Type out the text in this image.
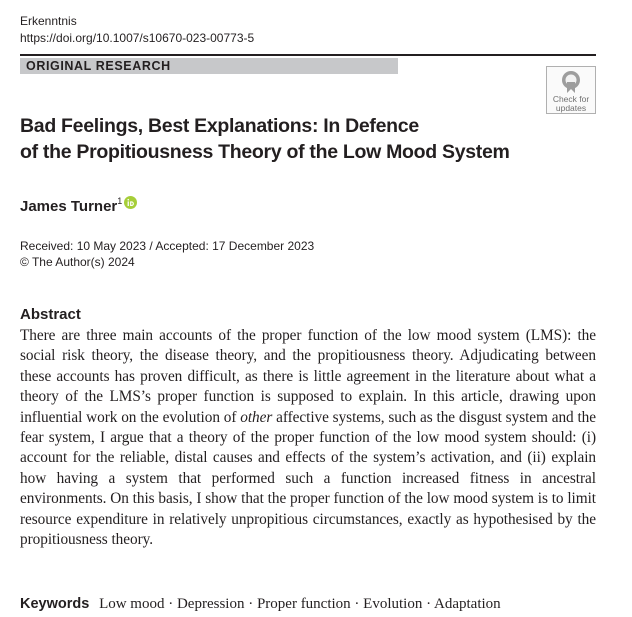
Erkenntnis
https://doi.org/10.1007/s10670-023-00773-5
ORIGINAL RESEARCH
Check for
updates
Bad Feelings, Best Explanations: In Defence
of the Propitiousness Theory of the Low Mood System
James Turner$^1$
Received: 10 May 2023 / Accepted: 17 December 2023
© The Author(s) 2024
Abstract
There are three main accounts of the proper function of the low mood system (LMS): the social risk theory, the disease theory, and the propitiousness theory. Adjudicating between these accounts has proven difficult, as there is little agreement in the literature about what a theory of the LMS’s proper function is supposed to explain. In this article, drawing upon influential work on the evolution of other affective systems, such as the disgust system and the fear system, I argue that a theory of the proper function of the low mood system should: (i) account for the reliable, distal causes and effects of the system’s activation, and (ii) explain how having a system that performed such a function increased fitness in ancestral environments. On this basis, I show that the proper function of the low mood system is to limit resource expenditure in relatively unpropitious circumstances, exactly as hypothesised by the propitiousness theory.
Keywords Low mood · Depression · Proper function · Evolution · Adaptation
